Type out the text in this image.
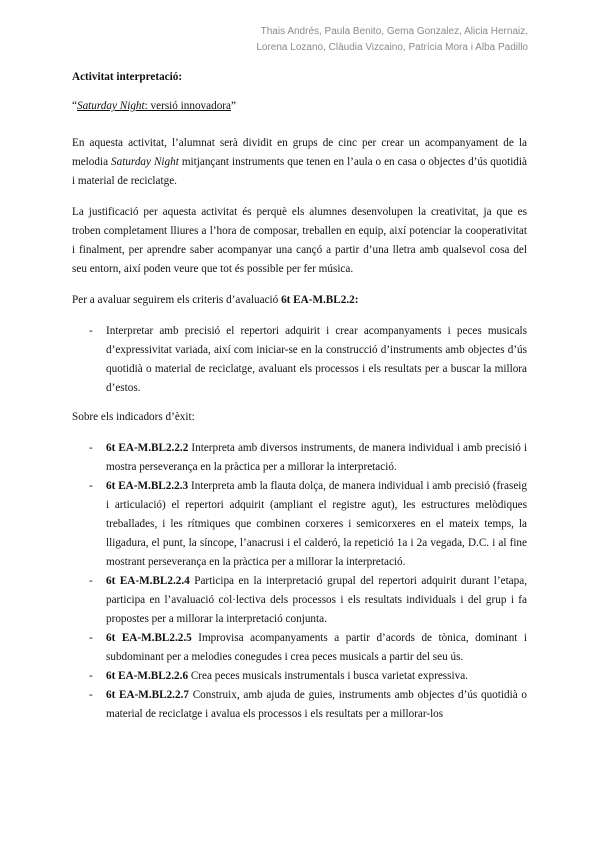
Thais Andrés, Paula Benito, Gema Gonzalez, Alicia Hernaiz,
Lorena Lozano, Clàudia Vizcaino, Patrícia Mora i Alba Padillo
Activitat interpretació:
“Saturday Night: versió innovadora”

En aquesta activitat, l’alumnat serà dividit en grups de cinc per crear un acompanyament de la melodia Saturday Night mitjançant instruments que tenen en l’aula o en casa o objectes d’ús quotidià i material de reciclatge.

La justificació per aquesta activitat és perquè els alumnes desenvolupen la creativitat, ja que es troben completament lliures a l’hora de composar, treballen en equip, així potenciar la cooperativitat i finalment, per aprendre saber acompanyar una cançó a partir d’una lletra amb qualsevol cosa del seu entorn, així poden veure que tot és possible per fer música.

Per a avaluar seguirem els criteris d’avaluació 6t EA-M.BL2.2:

- Interpretar amb precisió el repertori adquirit i crear acompanyaments i peces musicals d’expressivitat variada, així com iniciar-se en la construcció d’instruments amb objectes d’ús quotidià o material de reciclatge, avaluant els processos i els resultats per a buscar la millora d’estos.

Sobre els indicadors d’èxit:

- 6t EA-M.BL2.2.2 Interpreta amb diversos instruments, de manera individual i amb precisió i mostra perseverança en la pràctica per a millorar la interpretació.
- 6t EA-M.BL2.2.3 Interpreta amb la flauta dolça, de manera individual i amb precisió (fraseig i articulació) el repertori adquirit (ampliant el registre agut), les estructures melòdiques treballades, i les rítmiques que combinen corxeres i semicorxeres en el mateix temps, la lligadura, el punt, la síncope, l’anacrusi i el calderó, la repetició 1a i 2a vegada, D.C. i al fine mostrant perseverança en la pràctica per a millorar la interpretació.
- 6t EA-M.BL2.2.4 Participa en la interpretació grupal del repertori adquirit durant l’etapa, participa en l’avaluació col·lectiva dels processos i els resultats individuals i del grup i fa propostes per a millorar la interpretació conjunta.
- 6t EA-M.BL2.2.5 Improvisa acompanyaments a partir d’acords de tònica, dominant i subdominant per a melodies conegudes i crea peces musicals a partir del seu ús.
- 6t EA-M.BL2.2.6 Crea peces musicals instrumentals i busca varietat expressiva.
- 6t EA-M.BL2.2.7 Construix, amb ajuda de guies, instruments amb objectes d’ús quotidià o material de reciclatge i avalua els processos i els resultats per a millorar-los
